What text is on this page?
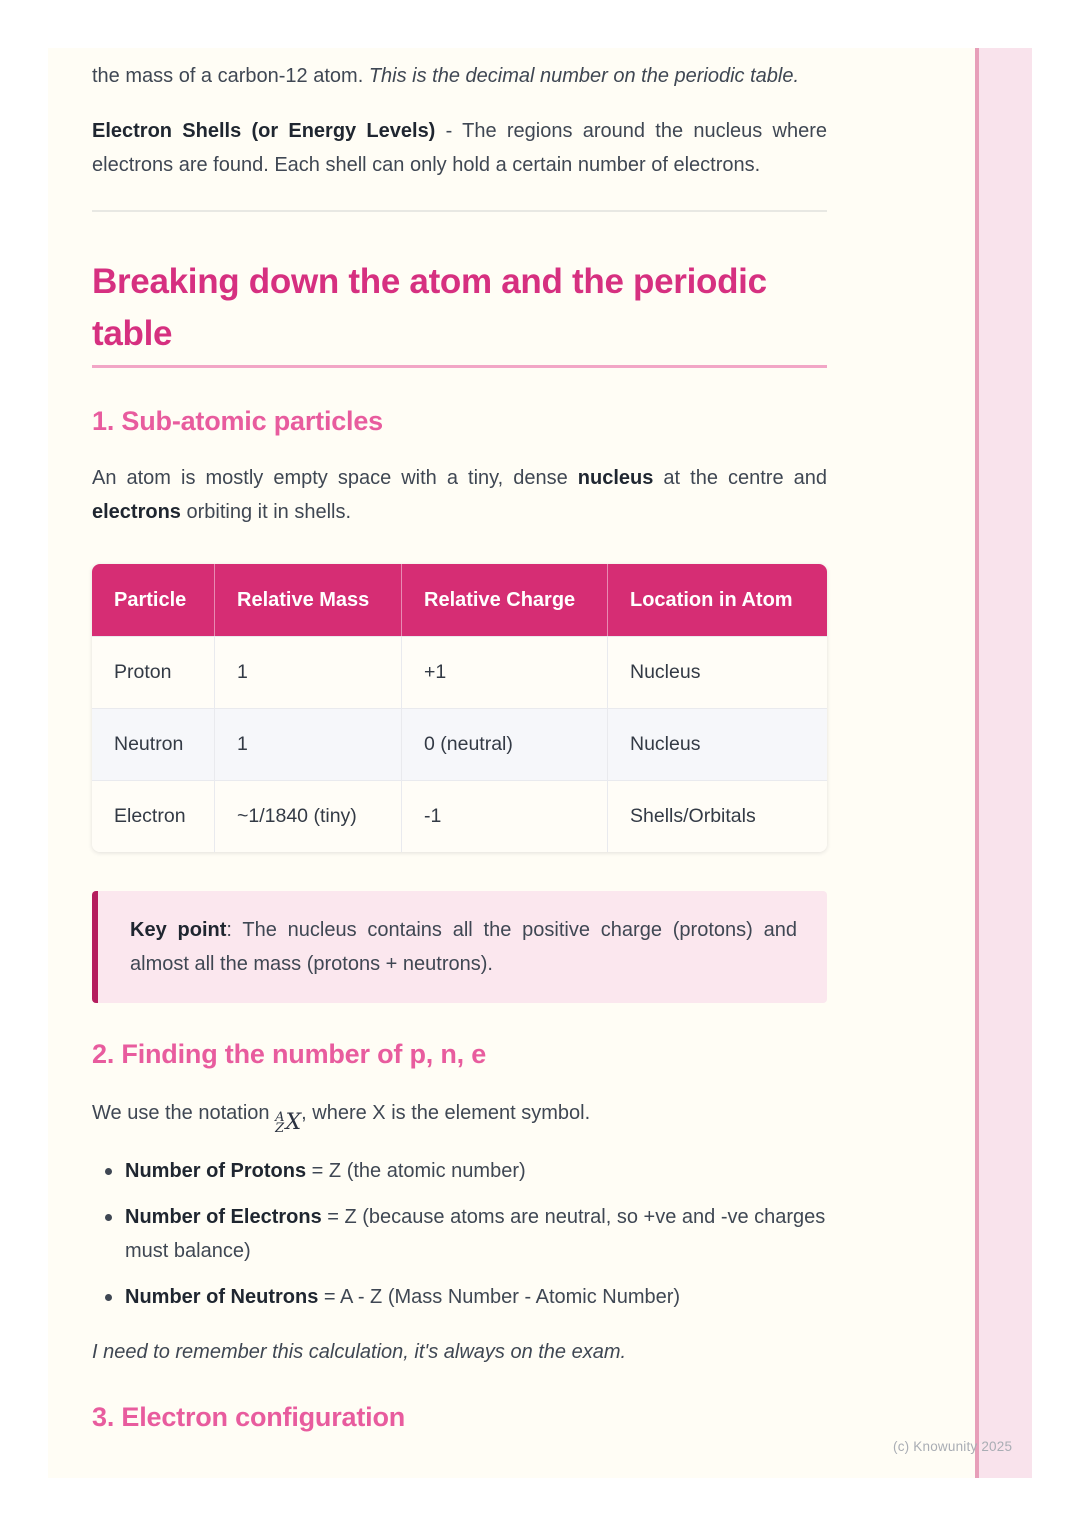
the mass of a carbon-12 atom. This is the decimal number on the periodic table.

Electron Shells (or Energy Levels) - The regions around the nucleus where electrons are found. Each shell can only hold a certain number of electrons.

Breaking down the atom and the periodic table
1. Sub-atomic particles

An atom is mostly empty space with a tiny, dense nucleus at the centre and electrons orbiting it in shells.

Particle	Relative Mass	Relative Charge	Location in Atom
Proton	1	+1	Nucleus
Neutron	1	0 (neutral)	Nucleus
Electron	~1/1840 (tiny)	-1	Shells/Orbitals
Key point: The nucleus contains all the positive charge (protons) and almost all the mass (protons + neutrons).
2. Finding the number of p, n, e

We use the notation A
Z X , where X is the element symbol.

Number of Protons = Z (the atomic number)
Number of Electrons = Z (because atoms are neutral, so +ve and -ve charges must balance)
Number of Neutrons = A - Z (Mass Number - Atomic Number)

I need to remember this calculation, it's always on the exam.

3. Electron configuration
(c) Knowunity 2025
